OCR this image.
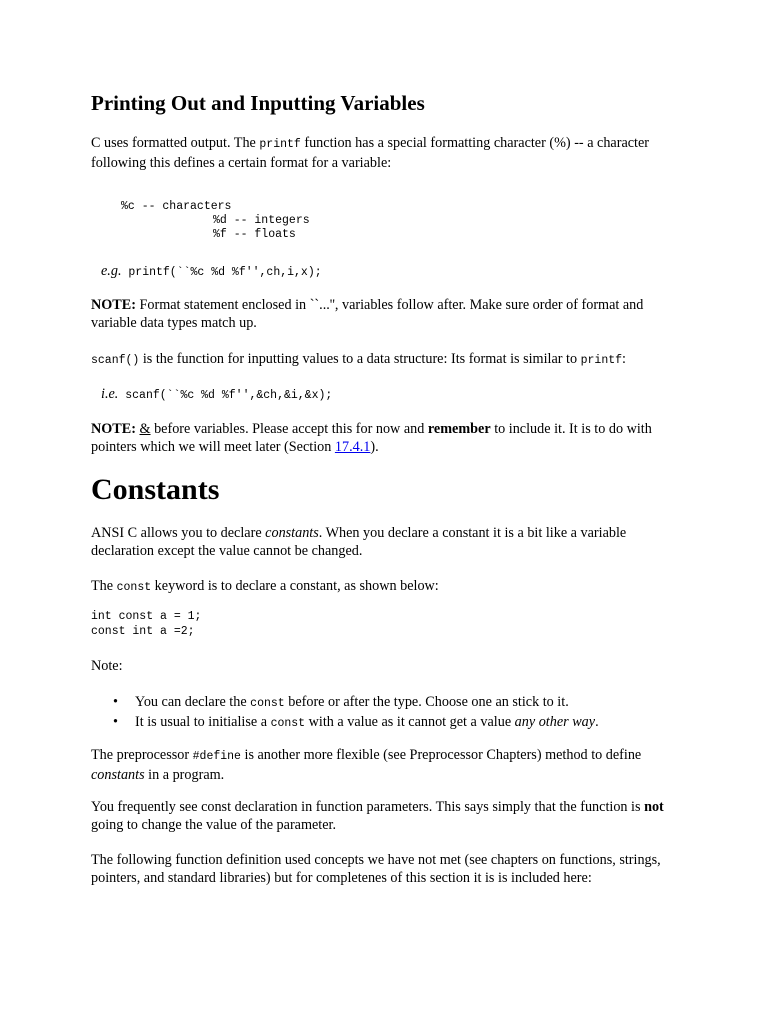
Printing Out and Inputting Variables

C uses formatted output. The printf function has a special formatting character (%) -- a character following this defines a certain format for a variable:

%c -- characters
%d -- integers
%f -- floats

e.g. printf(``%c %d %f'',ch,i,x);

NOTE: Format statement enclosed in ``...'', variables follow after. Make sure order of format and variable data types match up.

scanf() is the function for inputting values to a data structure: Its format is similar to printf:

i.e. scanf(``%c %d %f'',&ch,&i,&x);

NOTE: & before variables. Please accept this for now and remember to include it. It is to do with pointers which we will meet later (Section 17.4.1).

Constants

ANSI C allows you to declare constants. When you declare a constant it is a bit like a variable declaration except the value cannot be changed.

The const keyword is to declare a constant, as shown below:

int const a = 1;
const int a =2;

Note:

• You can declare the const before or after the type. Choose one an stick to it.
• It is usual to initialise a const with a value as it cannot get a value any other way.

The preprocessor #define is another more flexible (see Preprocessor Chapters) method to define constants in a program.

You frequently see const declaration in function parameters. This says simply that the function is not going to change the value of the parameter.

The following function definition used concepts we have not met (see chapters on functions, strings, pointers, and standard libraries) but for completenes of this section it is is included here:
